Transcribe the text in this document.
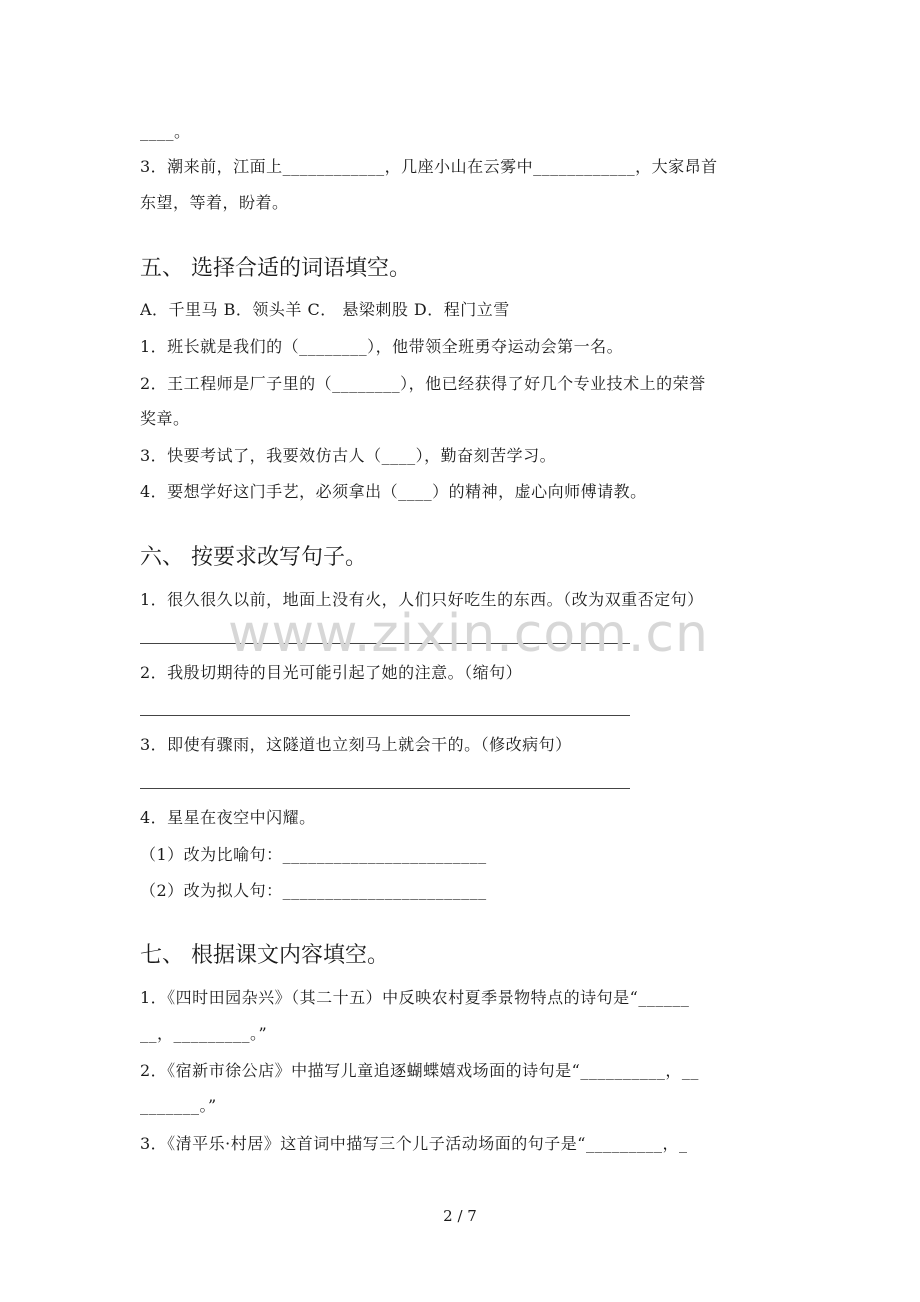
____。
3．潮来前，江面上____________，几座小山在云雾中____________，大家昂首
东望，等着，盼着。
五、 选择合适的词语填空。
A．千里马 B．领头羊 C． 悬梁刺股 D．程门立雪
1．班长就是我们的（________），他带领全班勇夺运动会第一名。
2．王工程师是厂子里的（________），他已经获得了好几个专业技术上的荣誉
奖章。
3．快要考试了，我要效仿古人（____），勤奋刻苦学习。
4．要想学好这门手艺，必须拿出（____）的精神，虚心向师傅请教。
六、 按要求改写句子。
1．很久很久以前，地面上没有火，人们只好吃生的东西。（改为双重否定句）
2．我殷切期待的目光可能引起了她的注意。（缩句）
3．即使有骤雨，这隧道也立刻马上就会干的。（修改病句）
4．星星在夜空中闪耀。
（1）改为比喻句：________________________
（2）改为拟人句：________________________
七、 根据课文内容填空。
1．《四时田园杂兴》（其二十五）中反映农村夏季景物特点的诗句是“______
__，_________。”
2．《宿新市徐公店》中描写儿童追逐蝴蝶嬉戏场面的诗句是“__________，__
_______。”
3．《清平乐·村居》这首词中描写三个儿子活动场面的句子是“_________，_
www.zixin.com.cn
2 / 7
